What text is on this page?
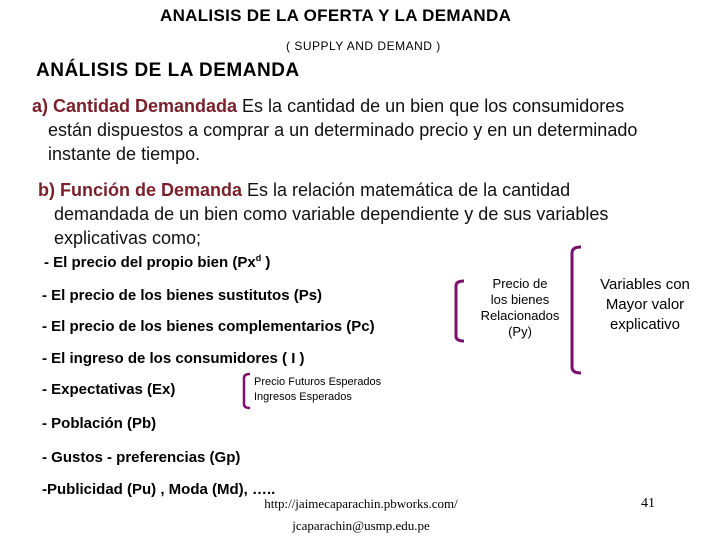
ANALISIS DE LA OFERTA Y LA DEMANDA
( SUPPLY AND DEMAND )
ANÁLISIS DE LA DEMANDA
a) Cantidad Demandada Es la cantidad de un bien que los consumidores
están dispuestos a comprar a un determinado precio y en un determinado
instante de tiempo.
b) Función de Demanda Es la relación matemática de la cantidad
demandada de un bien como variable dependiente y de sus variables
explicativas como;
- El precio del propio bien (Px$^d$ )
- El precio de los bienes sustitutos (Ps)
- El precio de los bienes complementarios (Pc)
- El ingreso de los consumidores ( I )
- Expectativas (Ex)
- Población (Pb)
- Gustos - preferencias (Gp)
-Publicidad (Pu) , Moda (Md), …..
Precio de
los bienes
Relacionados
(Py)
Variables con
Mayor valor
explicativo
Precio Futuros Esperados
Ingresos Esperados
http://jaimecaparachin.pbworks.com/
jcaparachin@usmp.edu.pe
41
